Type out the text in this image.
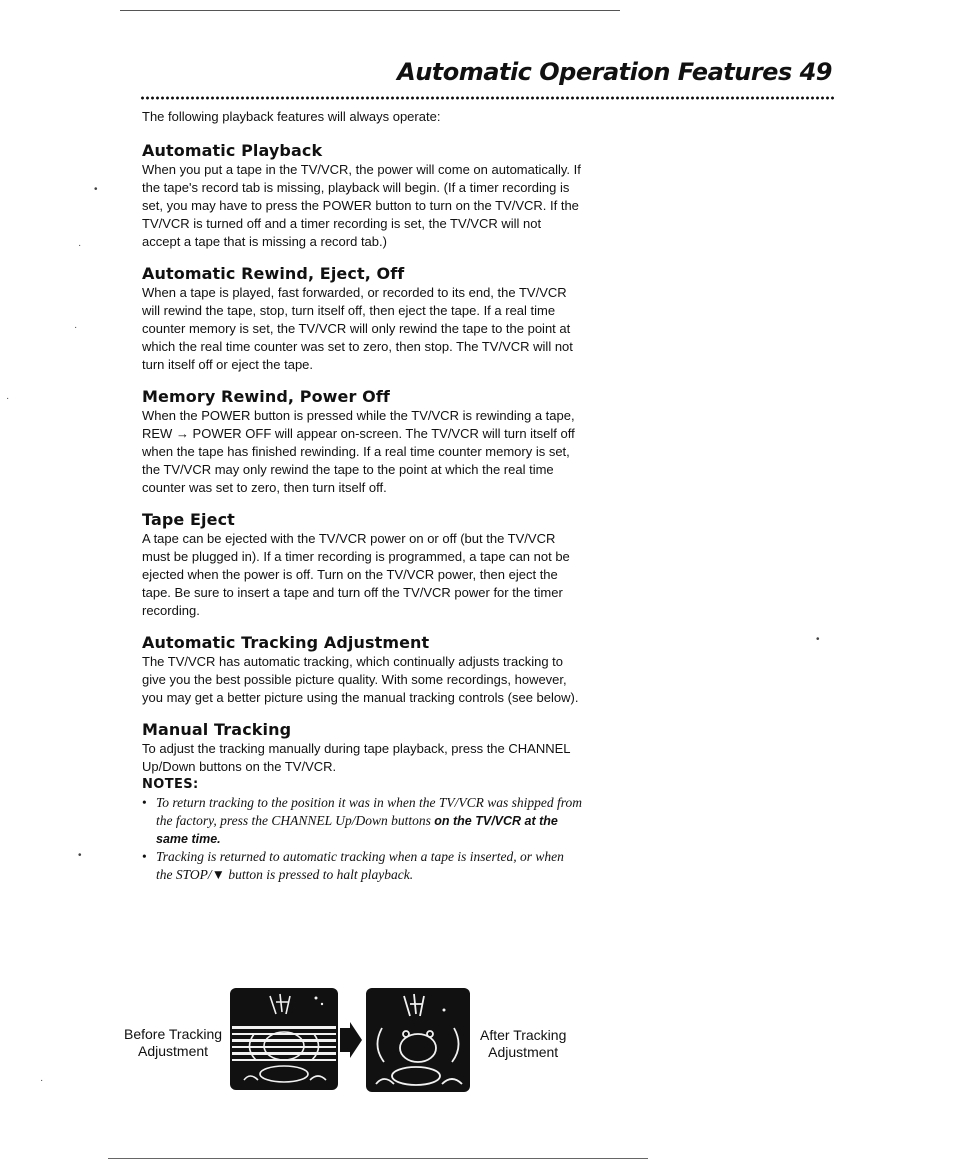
Automatic Operation Features 49

The following playback features will always operate:

Automatic Playback

When you put a tape in the TV/VCR, the power will come on automatically. If the tape's record tab is missing, playback will begin. (If a timer recording is set, you may have to press the POWER button to turn on the TV/VCR. If the TV/VCR is turned off and a timer recording is set, the TV/VCR will not accept a tape that is missing a record tab.)

Automatic Rewind, Eject, Off

When a tape is played, fast forwarded, or recorded to its end, the TV/VCR will rewind the tape, stop, turn itself off, then eject the tape. If a real time counter memory is set, the TV/VCR will only rewind the tape to the point at which the real time counter was set to zero, then stop. The TV/VCR will not turn itself off or eject the tape.

Memory Rewind, Power Off

When the POWER button is pressed while the TV/VCR is rewinding a tape, REW → POWER OFF will appear on-screen. The TV/VCR will turn itself off when the tape has finished rewinding. If a real time counter memory is set, the TV/VCR may only rewind the tape to the point at which the real time counter was set to zero, then turn itself off.

Tape Eject

A tape can be ejected with the TV/VCR power on or off (but the TV/VCR must be plugged in). If a timer recording is programmed, a tape can not be ejected when the power is off. Turn on the TV/VCR power, then eject the tape. Be sure to insert a tape and turn off the TV/VCR power for the timer recording.

Automatic Tracking Adjustment

The TV/VCR has automatic tracking, which continually adjusts tracking to give you the best possible picture quality. With some recordings, however, you may get a better picture using the manual tracking controls (see below).

Manual Tracking

To adjust the tracking manually during tape playback, press the CHANNEL Up/Down buttons on the TV/VCR.

NOTES:
• To return tracking to the position it was in when the TV/VCR was shipped from the factory, press the CHANNEL Up/Down buttons on the TV/VCR at the same time.
• Tracking is returned to automatic tracking when a tape is inserted, or when the STOP/▼ button is pressed to halt playback.
Before Tracking
Adjustment
After Tracking
Adjustment
•
·
·
·
•
•
·
